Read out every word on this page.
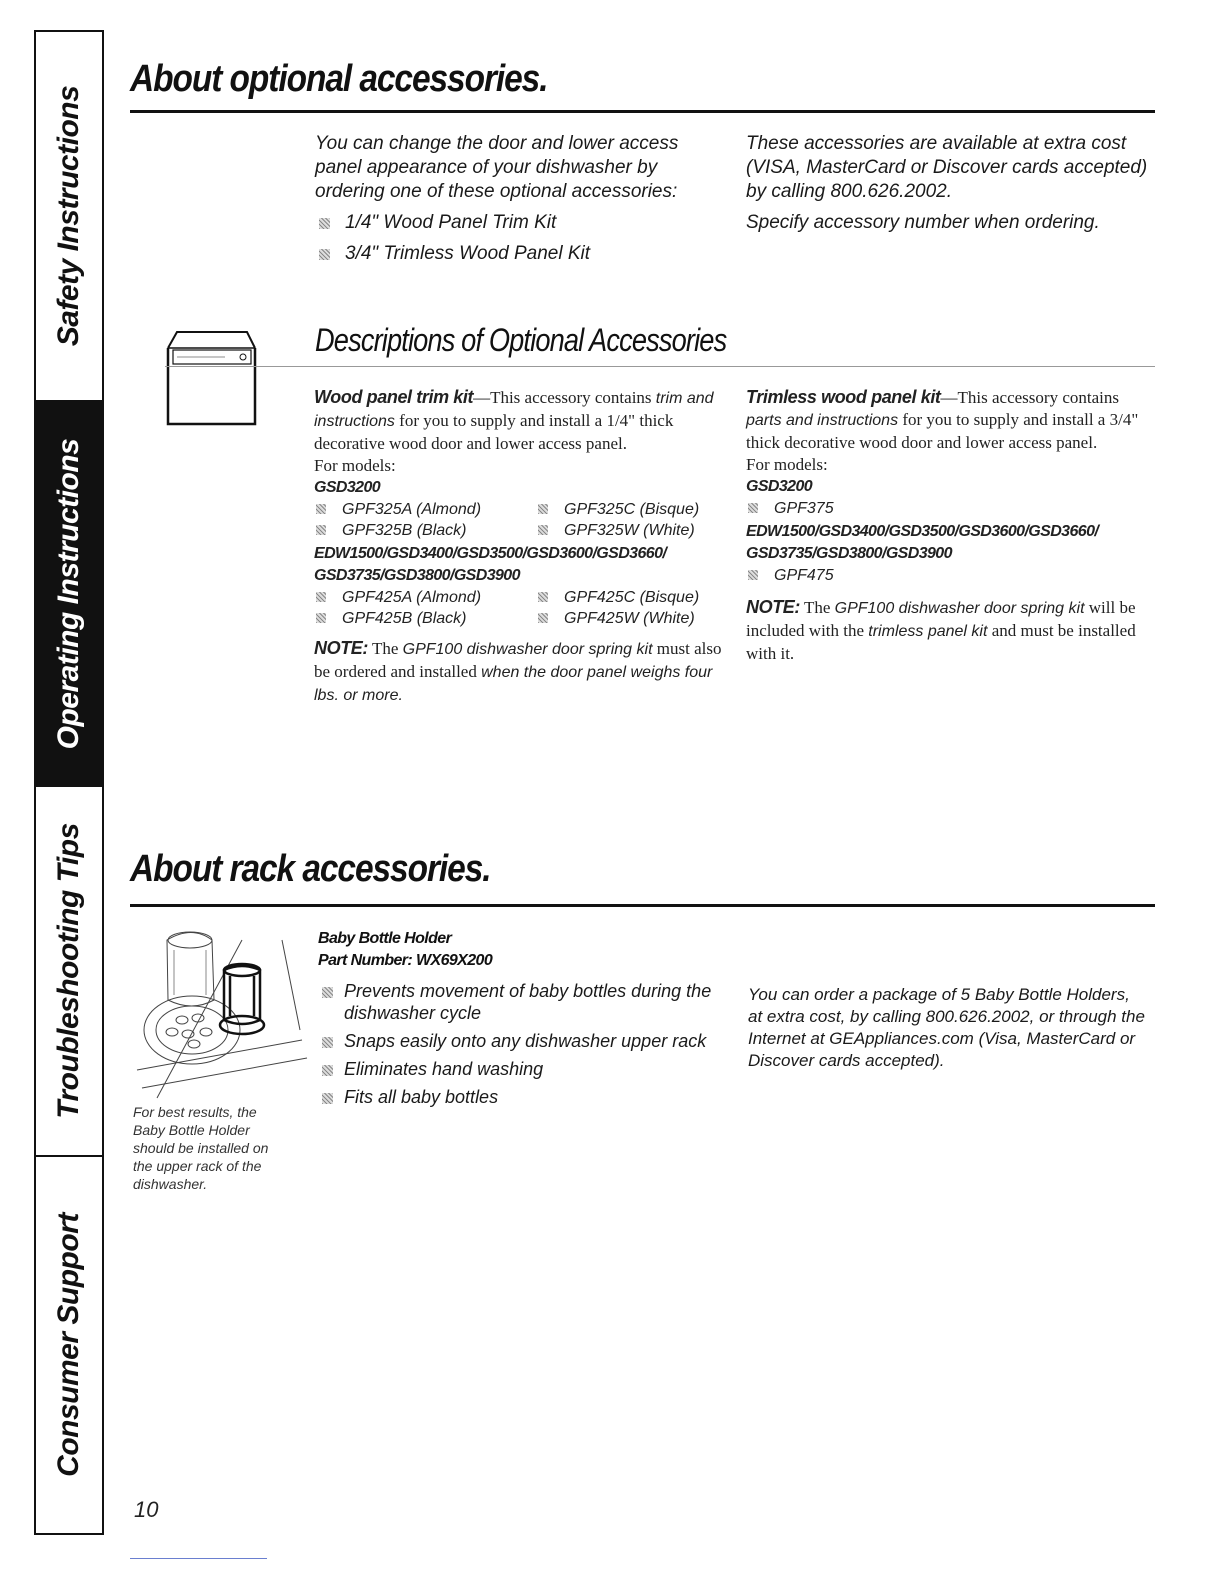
Safety Instructions
Operating Instructions
Troubleshooting Tips
Consumer Support
About optional accessories.

You can change the door and lower access panel appearance of your dishwasher by ordering one of these optional accessories:

1/4" Wood Panel Trim Kit

3/4" Trimless Wood Panel Kit

These accessories are available at extra cost (VISA, MasterCard or Discover cards accepted) by calling 800.626.2002.

Specify accessory number when ordering.

Descriptions of Optional Accessories

Wood panel trim kit—This accessory contains trim and instructions for you to supply and install a 1/4" thick decorative wood door and lower access panel.

For models:

GSD3200

GPF325A (Almond)	GPF325C (Bisque)
GPF325B (Black)	GPF325W (White)

EDW1500/GSD3400/GSD3500/GSD3600/GSD3660/ GSD3735/GSD3800/GSD3900

GPF425A (Almond)	GPF425C (Bisque)
GPF425B (Black)	GPF425W (White)

NOTE: The GPF100 dishwasher door spring kit must also be ordered and installed when the door panel weighs four lbs. or more.

Trimless wood panel kit—This accessory contains parts and instructions for you to supply and install a 3/4" thick decorative wood door and lower access panel.

For models:

GSD3200

GPF375

EDW1500/GSD3400/GSD3500/GSD3600/GSD3660/ GSD3735/GSD3800/GSD3900

GPF475

NOTE: The GPF100 dishwasher door spring kit will be included with the trimless panel kit and must be installed with it.

About rack accessories.
For best results, the Baby Bottle Holder should be installed on the upper rack of the dishwasher.

Baby Bottle Holder

Part Number: WX69X200

Prevents movement of baby bottles during the dishwasher cycle

Snaps easily onto any dishwasher upper rack

Eliminates hand washing

Fits all baby bottles

You can order a package of 5 Baby Bottle Holders, at extra cost, by calling 800.626.2002, or through the Internet at GEAppliances.com (Visa, MasterCard or Discover cards accepted).

10
